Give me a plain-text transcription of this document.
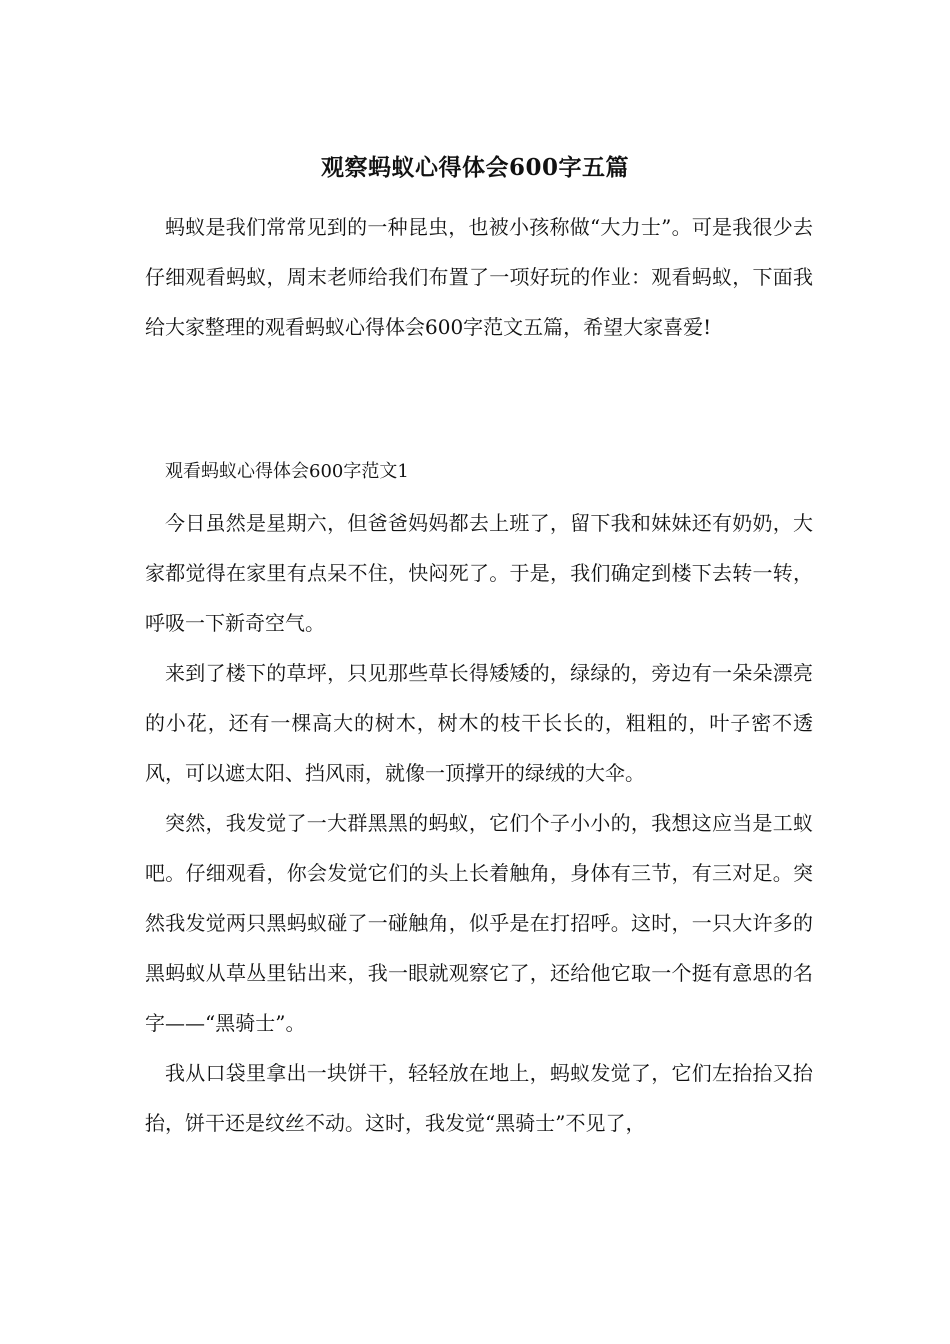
观察蚂蚁心得体会600字五篇

蚂蚁是我们常常见到的一种昆虫，也被小孩称做“大力士”。可是我很少去仔细观看蚂蚁，周末老师给我们布置了一项好玩的作业：观看蚂蚁，下面我给大家整理的观看蚂蚁心得体会600字范文五篇，希望大家喜爱!

观看蚂蚁心得体会600字范文1

今日虽然是星期六，但爸爸妈妈都去上班了，留下我和妹妹还有奶奶，大家都觉得在家里有点呆不住，快闷死了。于是，我们确定到楼下去转一转，呼吸一下新奇空气。

来到了楼下的草坪，只见那些草长得矮矮的，绿绿的，旁边有一朵朵漂亮的小花，还有一棵高大的树木，树木的枝干长长的，粗粗的，叶子密不透风，可以遮太阳、挡风雨，就像一顶撑开的绿绒的大伞。

突然，我发觉了一大群黑黑的蚂蚁，它们个子小小的，我想这应当是工蚁吧。仔细观看，你会发觉它们的头上长着触角，身体有三节，有三对足。突然我发觉两只黑蚂蚁碰了一碰触角，似乎是在打招呼。这时，一只大许多的黑蚂蚁从草丛里钻出来，我一眼就观察它了，还给他它取一个挺有意思的名字——“黑骑士”。

我从口袋里拿出一块饼干，轻轻放在地上，蚂蚁发觉了，它们左抬抬又抬抬，饼干还是纹丝不动。这时，我发觉“黑骑士”不见了，
